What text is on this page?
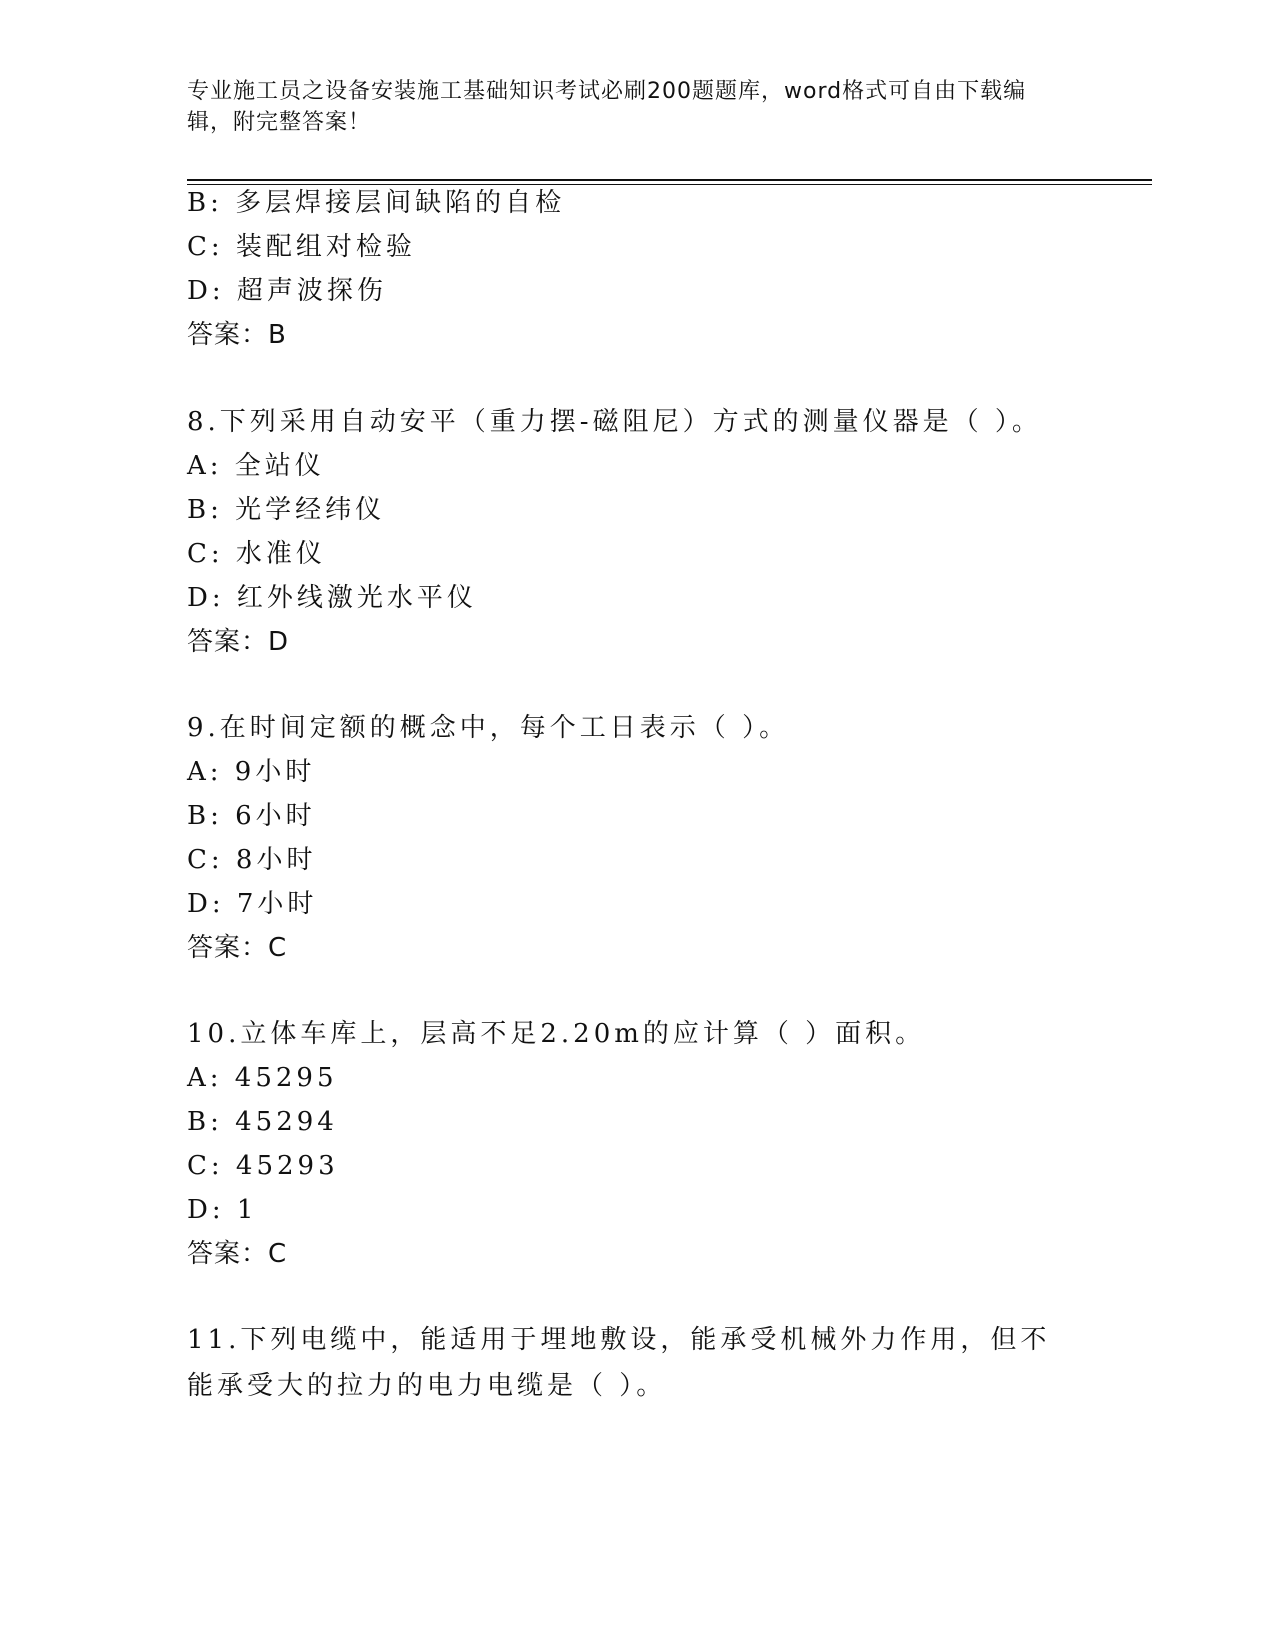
专业施工员之设备安装施工基础知识考试必刷200题题库，word格式可自由下载编辑，附完整答案！
B: 多层焊接层间缺陷的自检
C: 装配组对检验
D: 超声波探伤
答案：B
8.下列采用自动安平（重力摆-磁阻尼）方式的测量仪器是（ ）。
A: 全站仪
B: 光学经纬仪
C: 水准仪
D: 红外线激光水平仪
答案：D
9.在时间定额的概念中，每个工日表示（ ）。
A: 9小时
B: 6小时
C: 8小时
D: 7小时
答案：C
10.立体车库上，层高不足2.20m的应计算（ ）面积。
A: 45295
B: 45294
C: 45293
D: 1
答案：C
11.下列电缆中，能适用于埋地敷设，能承受机械外力作用，但不能承受大的拉力的电力电缆是（ ）。
